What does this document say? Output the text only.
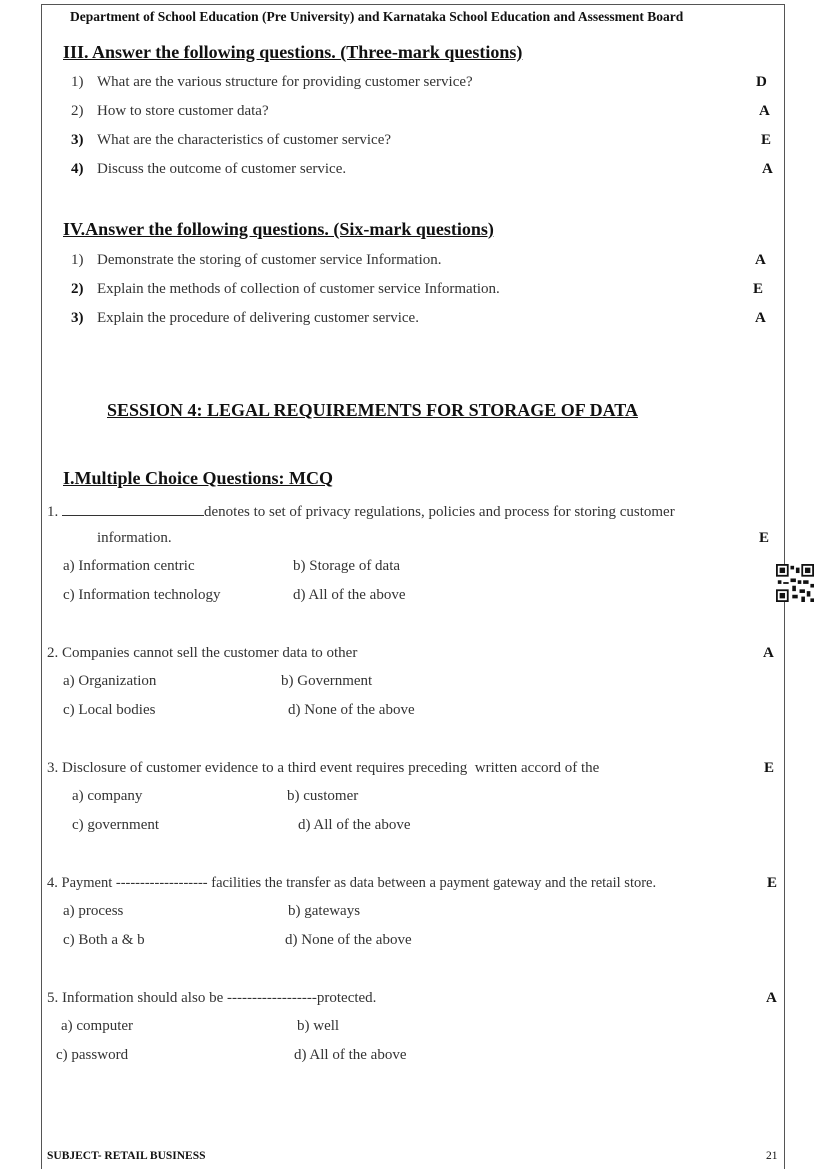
Department of School Education (Pre University) and Karnataka School Education and Assessment Board
III. Answer the following questions. (Three-mark questions)
1) What are the various structure for providing customer service?	D
2) How to store customer data?	A
3) What are the characteristics of customer service?	E
4) Discuss the outcome of customer service.	A
IV.Answer the following questions. (Six-mark questions)
1) Demonstrate the storing of customer service Information.	A
2) Explain the methods of collection of customer service Information.	E
3) Explain the procedure of delivering customer service.	A
SESSION 4: LEGAL REQUIREMENTS FOR STORAGE OF DATA
I.Multiple Choice Questions: MCQ
1.	denotes to set of privacy regulations, policies and process for storing customer
information.	E
a) Information centric	b) Storage of data
c) Information technology	d) All of the above
2. Companies cannot sell the customer data to other	A
a) Organization	b) Government
c) Local bodies	d) None of the above
3. Disclosure of customer evidence to a third event requires preceding  written accord of the	E
a) company	b) customer
c) government	d) All of the above
4. Payment ------------------- facilities the transfer as data between a payment gateway and the retail store.	E
a) process	b) gateways
c) Both a & b	d) None of the above
5. Information should also be ------------------protected.	A
a) computer	b) well
c) password	d) All of the above
SUBJECT- RETAIL BUSINESS	21
